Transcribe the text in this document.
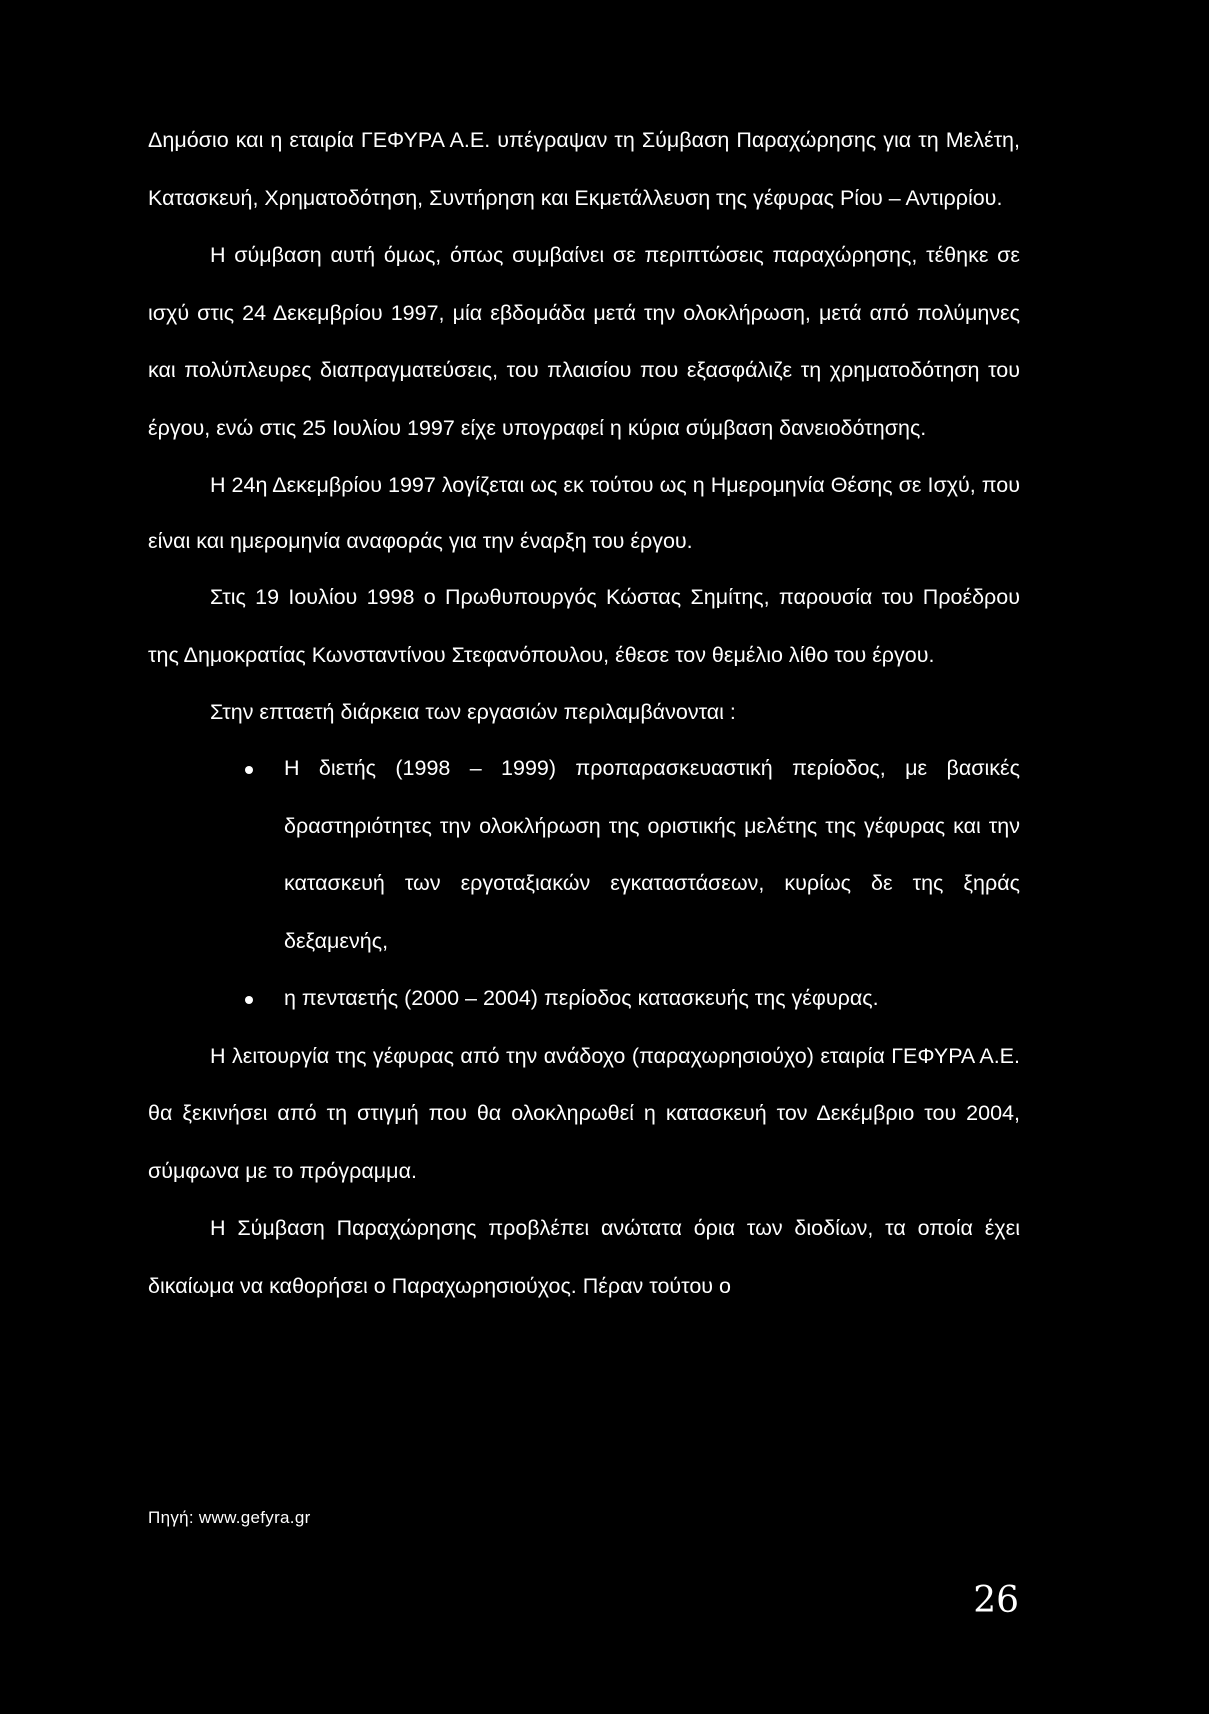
Δημόσιο και η εταιρία ΓΕΦΥΡΑ Α.Ε. υπέγραψαν τη Σύμβαση Παραχώρησης για τη Μελέτη, Κατασκευή, Χρηματοδότηση, Συντήρηση και Εκμετάλλευση της γέφυρας Ρίου – Αντιρρίου.

Η σύμβαση αυτή όμως, όπως συμβαίνει σε περιπτώσεις παραχώρησης, τέθηκε σε ισχύ στις 24 Δεκεμβρίου 1997, μία εβδομάδα μετά την ολοκλήρωση, μετά από πολύμηνες και πολύπλευρες διαπραγματεύσεις, του πλαισίου που εξασφάλιζε τη χρηματοδότηση του έργου, ενώ στις 25 Ιουλίου 1997 είχε υπογραφεί η κύρια σύμβαση δανειοδότησης.

Η 24η Δεκεμβρίου 1997 λογίζεται ως εκ τούτου ως η Ημερομηνία Θέσης σε Ισχύ, που είναι και ημερομηνία αναφοράς για την έναρξη του έργου.

Στις 19 Ιουλίου 1998 ο Πρωθυπουργός Κώστας Σημίτης, παρουσία του Προέδρου της Δημοκρατίας Κωνσταντίνου Στεφανόπουλου, έθεσε τον θεμέλιο λίθο του έργου.

Στην επταετή διάρκεια των εργασιών περιλαμβάνονται :

Η διετής (1998 – 1999) προπαρασκευαστική περίοδος, με βασικές δραστηριότητες την ολοκλήρωση της οριστικής μελέτης της γέφυρας και την κατασκευή των εργοταξιακών εγκαταστάσεων, κυρίως δε της ξηράς δεξαμενής,
η πενταετής (2000 – 2004) περίοδος κατασκευής της γέφυρας.

Η λειτουργία της γέφυρας από την ανάδοχο (παραχωρησιούχο) εταιρία ΓΕΦΥΡΑ Α.Ε. θα ξεκινήσει από τη στιγμή που θα ολοκληρωθεί η κατασκευή τον Δεκέμβριο του 2004, σύμφωνα με το πρόγραμμα.

Η Σύμβαση Παραχώρησης προβλέπει ανώτατα όρια των διοδίων, τα οποία έχει δικαίωμα να καθορήσει ο Παραχωρησιούχος. Πέραν τούτου ο

Πηγή: www.gefyra.gr
26
